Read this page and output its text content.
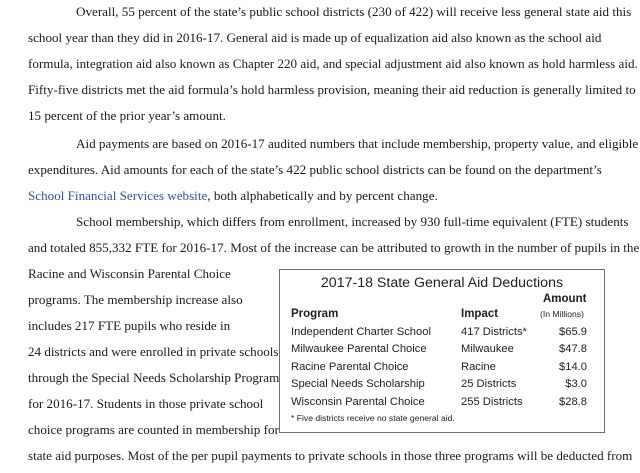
Overall, 55 percent of the state’s public school districts (230 of 422) will receive less general state aid this
school year than they did in 2016-17. General aid is made up of equalization aid also known as the school aid
formula, integration aid also known as Chapter 220 aid, and special adjustment aid also known as hold harmless aid.
Fifty-five districts met the aid formula’s hold harmless provision, meaning their aid reduction is generally limited to
15 percent of the prior year’s amount.
Aid payments are based on 2016-17 audited numbers that include membership, property value, and eligible
expenditures. Aid amounts for each of the state’s 422 public school districts can be found on the department’s
School Financial Services website, both alphabetically and by percent change.
School membership, which differs from enrollment, increased by 930 full-time equivalent (FTE) students
and totaled 855,332 FTE for 2016-17. Most of the increase can be attributed to growth in the number of pupils in the
Racine and Wisconsin Parental Choice
programs. The membership increase also
includes 217 FTE pupils who reside in
24 districts and were enrolled in private schools
through the Special Needs Scholarship Program
for 2016-17. Students in those private school
choice programs are counted in membership for
state aid purposes. Most of the per pupil payments to private schools in those three programs will be deducted from
2017-18 State General Aid Deductions
Amount
Program	Impact	(In Millions)
Independent Charter School	417 Districts*	$65.9
Milwaukee Parental Choice	Milwaukee	$47.8
Racine Parental Choice	Racine	$14.0
Special Needs Scholarship	25 Districts	$3.0
Wisconsin Parental Choice	255 Districts	$28.8
* Five districts receive no state general aid.
